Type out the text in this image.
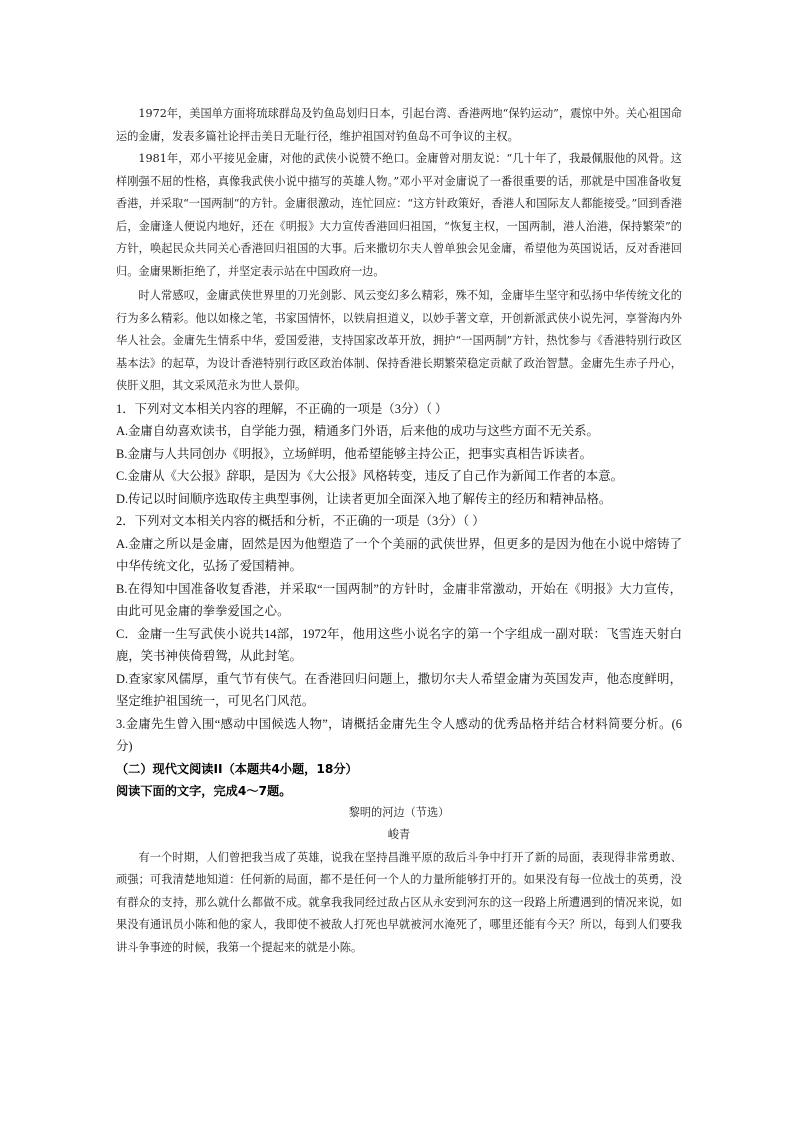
1972年，美国单方面将琉球群岛及钓鱼岛划归日本，引起台湾、香港两地“保钓运动”，震惊中外。关心祖国命运的金庸，发表多篇社论抨击美日无耻行径，维护祖国对钓鱼岛不可争议的主权。

1981年，邓小平接见金庸，对他的武侠小说赞不绝口。金庸曾对朋友说：“几十年了，我最佩服他的风骨。这样刚强不屈的性格，真像我武侠小说中描写的英雄人物。”邓小平对金庸说了一番很重要的话，那就是中国准备收复香港，并采取“一国两制”的方针。金庸很激动，连忙回应：“这方针政策好，香港人和国际友人都能接受。”回到香港后，金庸逢人便说内地好，还在《明报》大力宣传香港回归祖国，“恢复主权，一国两制，港人治港，保持繁荣”的方针，唤起民众共同关心香港回归祖国的大事。后来撒切尔夫人曾单独会见金庸，希望他为英国说话，反对香港回归。金庸果断拒绝了，并坚定表示站在中国政府一边。

时人常感叹，金庸武侠世界里的刀光剑影、风云变幻多么精彩，殊不知，金庸毕生坚守和弘扬中华传统文化的行为多么精彩。他以如椽之笔，书家国情怀，以铁肩担道义，以妙手著文章，开创新派武侠小说先河，享誉海内外华人社会。金庸先生情系中华，爱国爱港，支持国家改革开放，拥护“一国两制”方针，热忱参与《香港特别行政区基本法》的起草，为设计香港特别行政区政治体制、保持香港长期繁荣稳定贡献了政治智慧。金庸先生赤子丹心，侠肝义胆，其文采风范永为世人景仰。

1．下列对文本相关内容的理解，不正确的一项是（3分）（ ）

A.金庸自幼喜欢读书，自学能力强，精通多门外语，后来他的成功与这些方面不无关系。

B.金庸与人共同创办《明报》，立场鲜明，他希望能够主持公正，把事实真相告诉读者。

C.金庸从《大公报》辞职，是因为《大公报》风格转变，违反了自己作为新闻工作者的本意。

D.传记以时间顺序选取传主典型事例，让读者更加全面深入地了解传主的经历和精神品格。

2．下列对文本相关内容的概括和分析，不正确的一项是（3分）（ ）

A.金庸之所以是金庸，固然是因为他塑造了一个个美丽的武侠世界，但更多的是因为他在小说中熔铸了中华传统文化，弘扬了爱国精神。

B.在得知中国准备收复香港，并采取“一国两制”的方针时，金庸非常激动，开始在《明报》大力宣传，由此可见金庸的拳拳爱国之心。

C．金庸一生写武侠小说共14部，1972年，他用这些小说名字的第一个字组成一副对联：飞雪连天射白鹿，笑书神侠倚碧鸳，从此封笔。

D.查家家风儒厚，重气节有侠气。在香港回归问题上，撒切尔夫人希望金庸为英国发声，他态度鲜明，坚定维护祖国统一，可见名门风范。

3.金庸先生曾入围“感动中国候选人物”，请概括金庸先生令人感动的优秀品格并结合材料简要分析。(6分)

（二）现代文阅读II（本题共4小题，18分）

阅读下面的文字，完成4～7题。

黎明的河边（节选）

峻青

有一个时期，人们曾把我当成了英雄，说我在坚持昌潍平原的敌后斗争中打开了新的局面，表现得非常勇敢、顽强；可我清楚地知道：任何新的局面，都不是任何一个人的力量所能够打开的。如果没有每一位战士的英勇，没有群众的支持，那么就什么都做不成。就拿我我同经过敌占区从永安到河东的这一段路上所遭遇到的情况来说，如果没有通讯员小陈和他的家人，我即使不被敌人打死也早就被河水淹死了，哪里还能有今天？所以，每到人们要我讲斗争事迹的时候，我第一个提起来的就是小陈。
